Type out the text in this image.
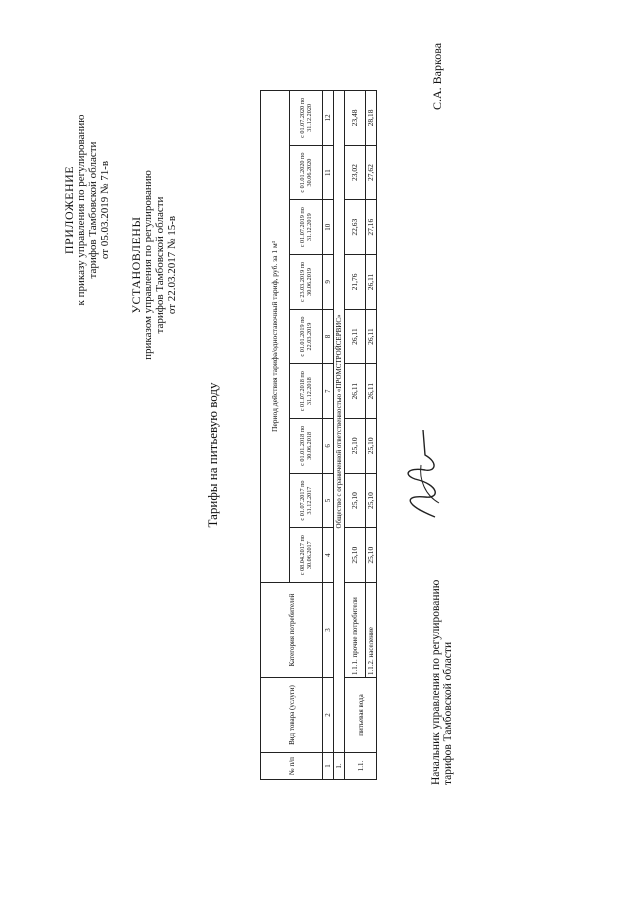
ПРИЛОЖЕНИЕ к приказу управления по регулированию тарифов Тамбовской области от 05.03.2019 № 71-в
УСТАНОВЛЕНЫ приказом управления по регулированию тарифов Тамбовской области от 22.03.2017 № 15-в
Тарифы на питьевую воду
№ п/п	Вид товара (услуги)	Категория потребителей	Период действия тарифа/одноставочный тариф, руб. за 1 м³								
			с 08.04.2017 по 30.06.2017	с 01.07.2017 по 31.12.2017	с 01.01.2018 по 30.06.2018	с 01.07.2018 по 31.12.2018	с 01.01.2019 по 22.03.2019	с 23.03.2019 по 30.06.2019	с 01.07.2019 по 31.12.2019	с 01.01.2020 по 30.06.2020	с 01.07.2020 по 31.12.2020
1	2	3	4	5	6	7	8	9	10	11	12
1.	Общество с ограниченной ответственностью «ПРОМСТРОЙСЕРВИС»										
1.1.	питьевая вода	1.1.1. прочие потребители	25,10	25,10	25,10	26,11	26,11	21,76	22,63	23,02	23,48
		1.1.2. население	25,10	25,10	25,10	26,11	26,11	26,11	27,16	27,62	28,18
Начальник управления по регулированию тарифов Тамбовской области
С.А. Варкова
